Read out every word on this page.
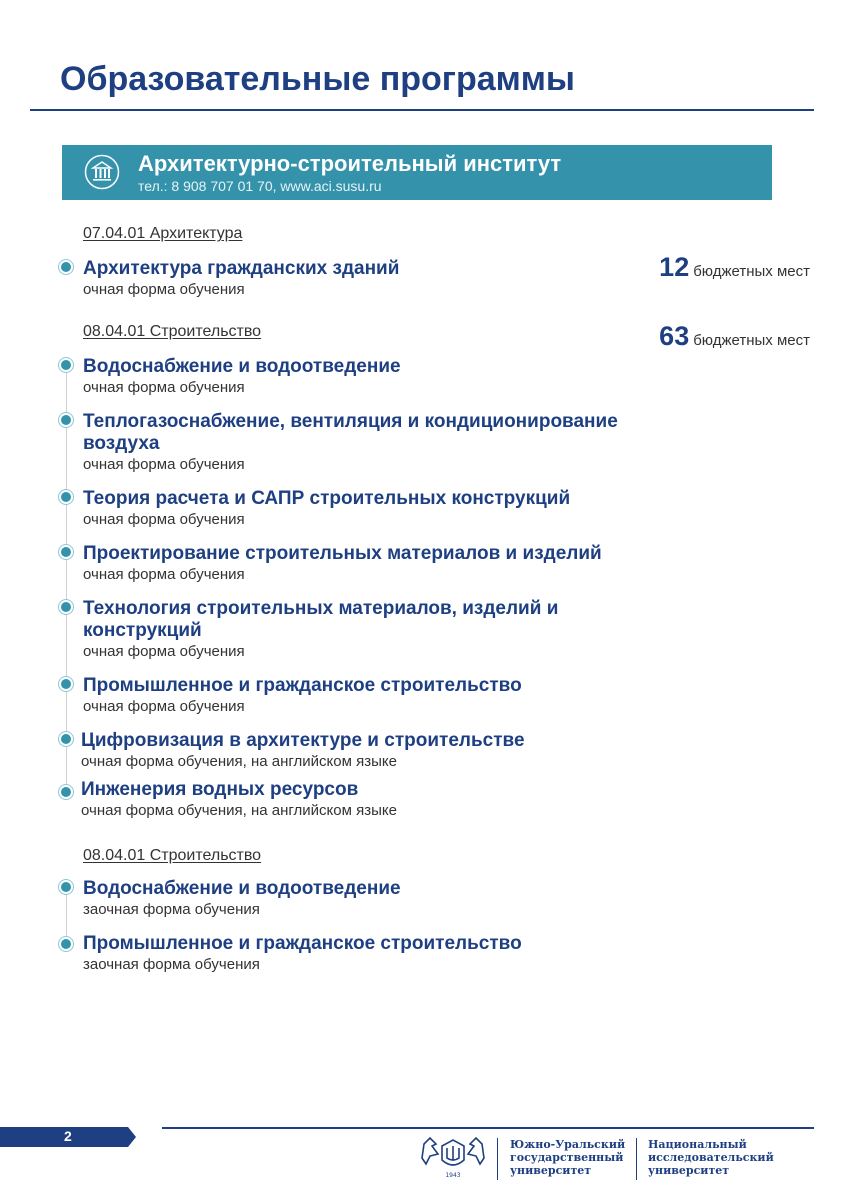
Образовательные программы
Архитектурно-строительный институт
тел.: 8 908 707 01 70, www.aci.susu.ru
07.04.01 Архитектура
12 бюджетных мест
Архитектура гражданских зданий
очная форма обучения
08.04.01 Строительство	63 бюджетных мест
Водоснабжение и водоотведение
очная форма обучения
Теплогазоснабжение, вентиляция и кондиционирование
воздуха
очная форма обучения
Теория расчета и САПР строительных конструкций
очная форма обучения
Проектирование строительных материалов и изделий
очная форма обучения
Технология строительных материалов, изделий и
конструкций
очная форма обучения
Промышленное и гражданское строительство
очная форма обучения
Цифровизация в архитектуре и строительстве
очная форма обучения, на английском языке
Инженерия водных ресурсов
очная форма обучения, на английском языке
08.04.01 Строительство
Водоснабжение и водоотведение
заочная форма обучения
Промышленное и гражданское строительство
заочная форма обучения
2
1943
Южно-Уральский
государственный
университет
Национальный
исследовательский
университет
